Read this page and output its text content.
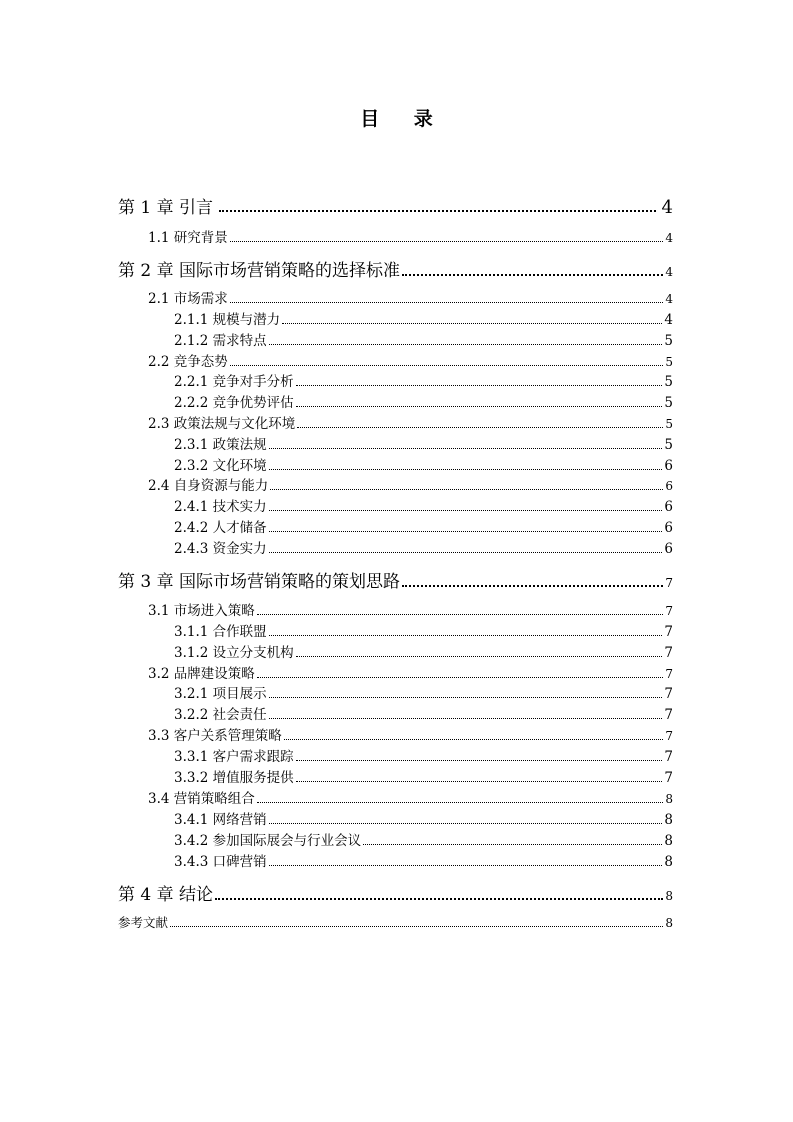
目 录
第 1 章 引言	4
1.1 研究背景	4
第 2 章 国际市场营销策略的选择标准	4
2.1 市场需求	4
2.1.1 规模与潜力	4
2.1.2 需求特点	5
2.2 竞争态势	5
2.2.1 竞争对手分析	5
2.2.2 竞争优势评估	5
2.3 政策法规与文化环境	5
2.3.1 政策法规	5
2.3.2 文化环境	6
2.4 自身资源与能力	6
2.4.1 技术实力	6
2.4.2 人才储备	6
2.4.3 资金实力	6
第 3 章 国际市场营销策略的策划思路	7
3.1 市场进入策略	7
3.1.1 合作联盟	7
3.1.2 设立分支机构	7
3.2 品牌建设策略	7
3.2.1 项目展示	7
3.2.2 社会责任	7
3.3 客户关系管理策略	7
3.3.1 客户需求跟踪	7
3.3.2 增值服务提供	7
3.4 营销策略组合	8
3.4.1 网络营销	8
3.4.2 参加国际展会与行业会议	8
3.4.3 口碑营销	8
第 4 章 结论	8
参考文献	8
